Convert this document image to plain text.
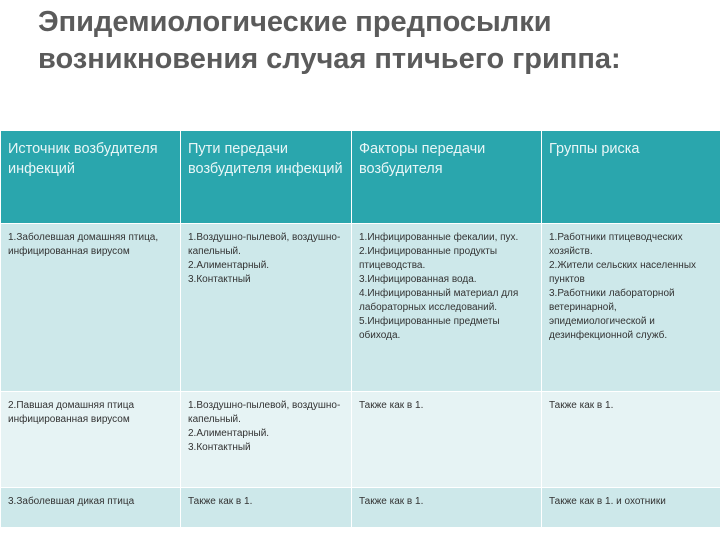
Эпидемиологические предпосылки возникновения случая птичьего гриппа:
Источник возбудителя инфекций	Пути передачи возбудителя инфекций	Факторы передачи возбудителя	Группы риска

1.Заболевшая домашняя птица, инфицированная вирусом	1.Воздушно-пылевой, воздушно-капельный.
2.Алиментарный.
3.Контактный	1.Инфицированные фекалии, пух.
2.Инфицированные продукты птицеводства.
3.Инфицированная вода.
4.Инфицированный материал для лабораторных исследований.
5.Инфицированные предметы обихода.	1.Работники птицеводческих хозяйств.
2.Жители сельских населенных пунктов
3.Работники лабораторной ветеринарной, эпидемиологической и дезинфекционной служб.

2.Павшая домашняя птица инфицированная вирусом	1.Воздушно-пылевой, воздушно-капельный.
2.Алиментарный.
3.Контактный	Также как в 1.	Также как в 1.

3.Заболевшая дикая птица	Также как в 1.	Также как в 1.	Также как в 1. и охотники
